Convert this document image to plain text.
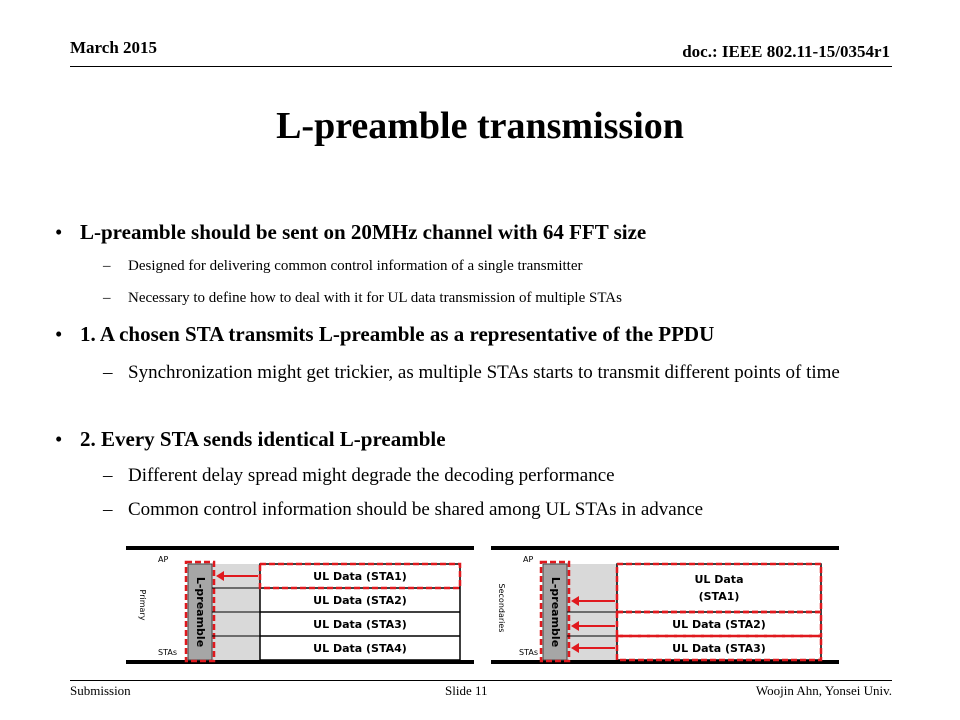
March 2015	doc.: IEEE 802.11-15/0354r1
L-preamble transmission
• L-preamble should be sent on 20MHz channel with 64 FFT size
– Designed for delivering common control information of a single transmitter
– Necessary to define how to deal with it for UL data transmission of multiple STAs
• 1. A chosen STA transmits L-preamble as a representative of the PPDU
– Synchronization might get trickier, as multiple STAs starts to transmit different points of time
• 2. Every STA sends identical L-preamble
– Different delay spread might degrade the decoding performance
– Common control information should be shared among UL STAs in advance
AP
STAs
Primary	L-preamble
UL Data (STA1)
UL Data (STA2)
UL Data (STA3)
UL Data (STA4)
AP
STAs
Secondaries	L-preamble	UL Data
(STA1)
UL Data (STA2)
UL Data (STA3)
Submission	Slide 11	Woojin Ahn, Yonsei Univ.
